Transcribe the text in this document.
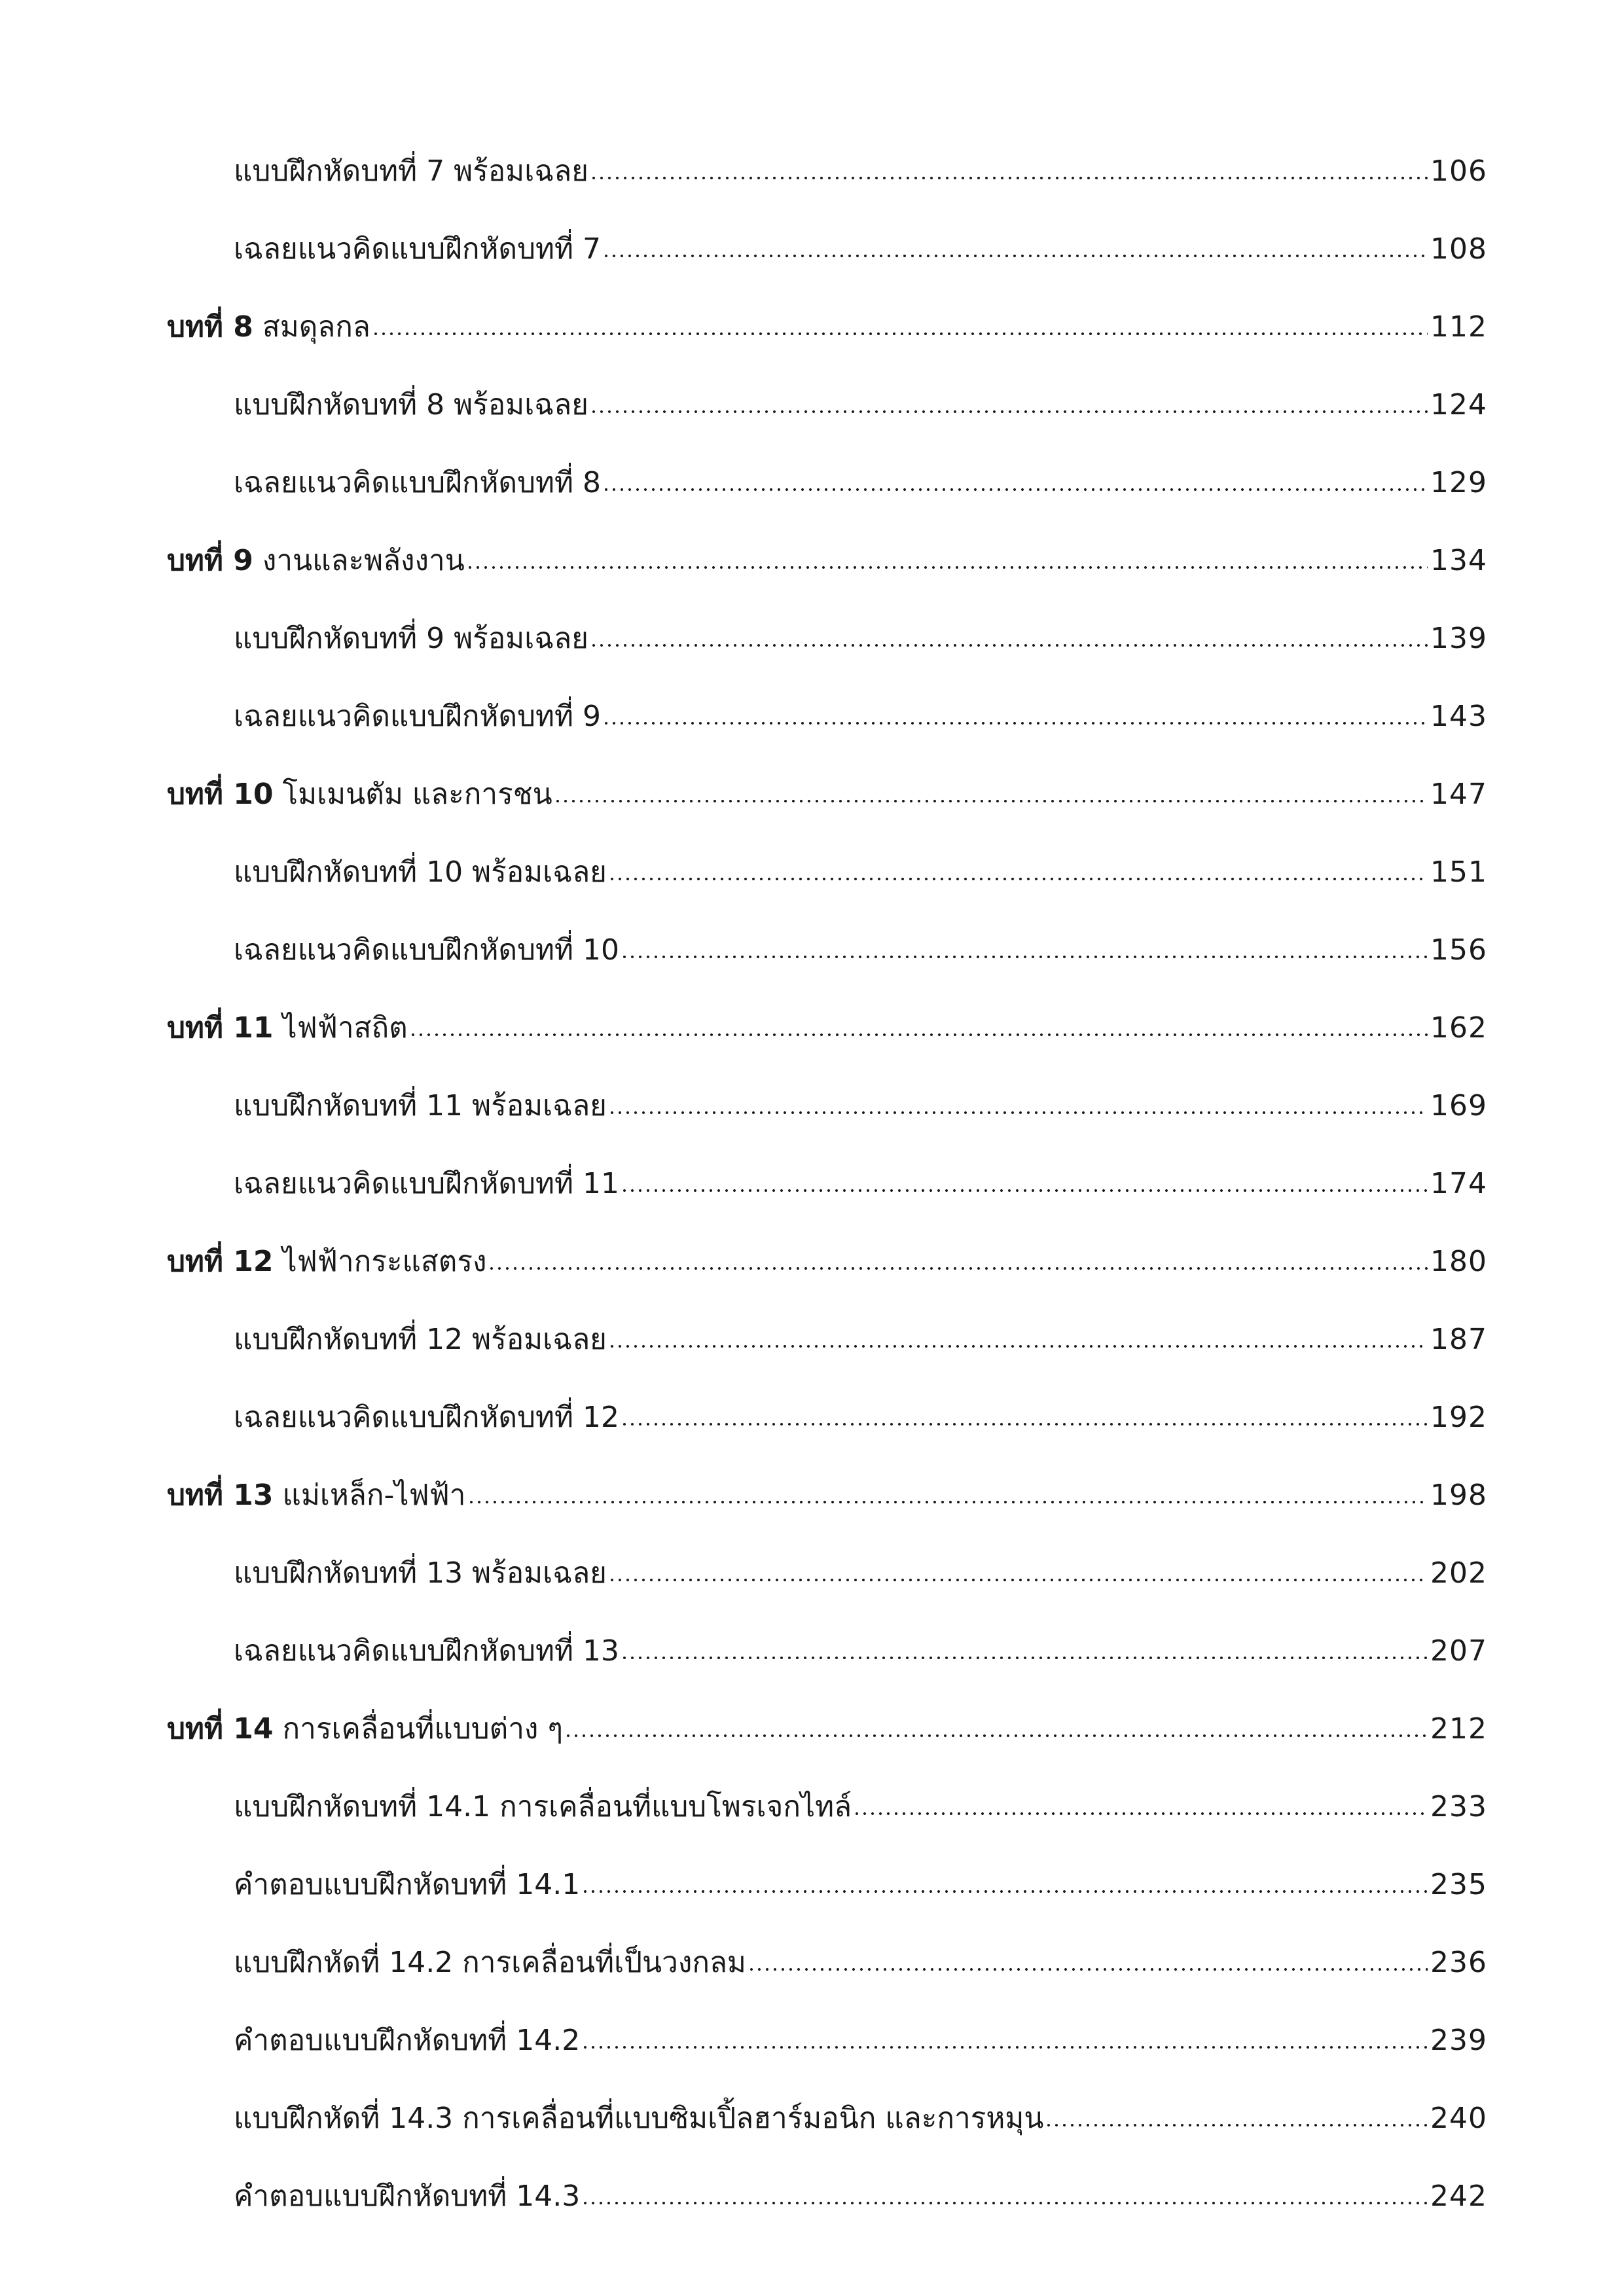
แบบฝึกหัดบทที่ 7 พร้อมเฉลย	106
เฉลยแนวคิดแบบฝึกหัดบทที่ 7	108
บทที่ 8 สมดุลกล	112
แบบฝึกหัดบทที่ 8 พร้อมเฉลย	124
เฉลยแนวคิดแบบฝึกหัดบทที่ 8	129
บทที่ 9 งานและพลังงาน	134
แบบฝึกหัดบทที่ 9 พร้อมเฉลย	139
เฉลยแนวคิดแบบฝึกหัดบทที่ 9	143
บทที่ 10 โมเมนตัม และการชน	147
แบบฝึกหัดบทที่ 10 พร้อมเฉลย	151
เฉลยแนวคิดแบบฝึกหัดบทที่ 10	156
บทที่ 11 ไฟฟ้าสถิต	162
แบบฝึกหัดบทที่ 11 พร้อมเฉลย	169
เฉลยแนวคิดแบบฝึกหัดบทที่ 11	174
บทที่ 12 ไฟฟ้ากระแสตรง	180
แบบฝึกหัดบทที่ 12 พร้อมเฉลย	187
เฉลยแนวคิดแบบฝึกหัดบทที่ 12	192
บทที่ 13 แม่เหล็ก-ไฟฟ้า	198
แบบฝึกหัดบทที่ 13 พร้อมเฉลย	202
เฉลยแนวคิดแบบฝึกหัดบทที่ 13	207
บทที่ 14 การเคลื่อนที่แบบต่าง ๆ	212
แบบฝึกหัดบทที่ 14.1 การเคลื่อนที่แบบโพรเจกไทล์	233
คำตอบแบบฝึกหัดบทที่ 14.1	235
แบบฝึกหัดที่ 14.2 การเคลื่อนที่เป็นวงกลม	236
คำตอบแบบฝึกหัดบทที่ 14.2	239
แบบฝึกหัดที่ 14.3 การเคลื่อนที่แบบซิมเปิ้ลฮาร์มอนิก และการหมุน	240
คำตอบแบบฝึกหัดบทที่ 14.3	242
